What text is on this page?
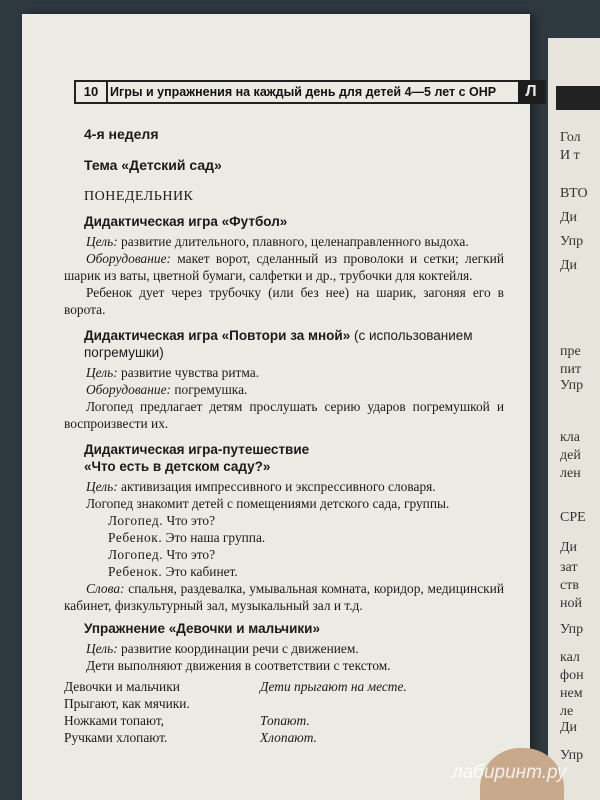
Гол
И т
ВТО
Ди
Упр
Ди
пре
пит
Упр
кла
дей
лен
СРЕ
Ди
зат
ств
ной
Упр
кал
фон
нем
ле
Ди
Упр
10 Игры и упражнения на каждый день для детей 4—5 лет с ОНР	Л
4-я неделя
Тема «Детский сад»
ПОНЕДЕЛЬНИК
Дидактическая игра «Футбол»

Цель: развитие длительного, плавного, целенаправленного выдоха.

Оборудование: макет ворот, сделанный из проволоки и сетки; легкий шарик из ваты, цветной бумаги, салфетки и др., трубочки для коктейля.

Ребенок дует через трубочку (или без нее) на шарик, загоняя его в ворота.

Дидактическая игра «Повтори за мной» (с использованием погремушки)

Цель: развитие чувства ритма.

Оборудование: погремушка.

Логопед предлагает детям прослушать серию ударов погремушкой и воспроизвести их.

Дидактическая игра-путешествие
«Что есть в детском саду?»

Цель: активизация импрессивного и экспрессивного словаря.

Логопед знакомит детей с помещениями детского сада, группы.

Логопед. Что это?
Ребенок. Это наша группа.
Логопед. Что это?
Ребенок. Это кабинет.

Слова: спальня, раздевалка, умывальная комната, коридор, медицинский кабинет, физкультурный зал, музыкальный зал и т.д.

Упражнение «Девочки и мальчики»

Цель: развитие координации речи с движением.

Дети выполняют движения в соответствии с текстом.

Девочки и мальчики
Прыгают, как мячики.
Ножками топают,
Ручками хлопают.
Дети прыгают на месте.
Топают.
Хлопают.
лабиринт.ру
